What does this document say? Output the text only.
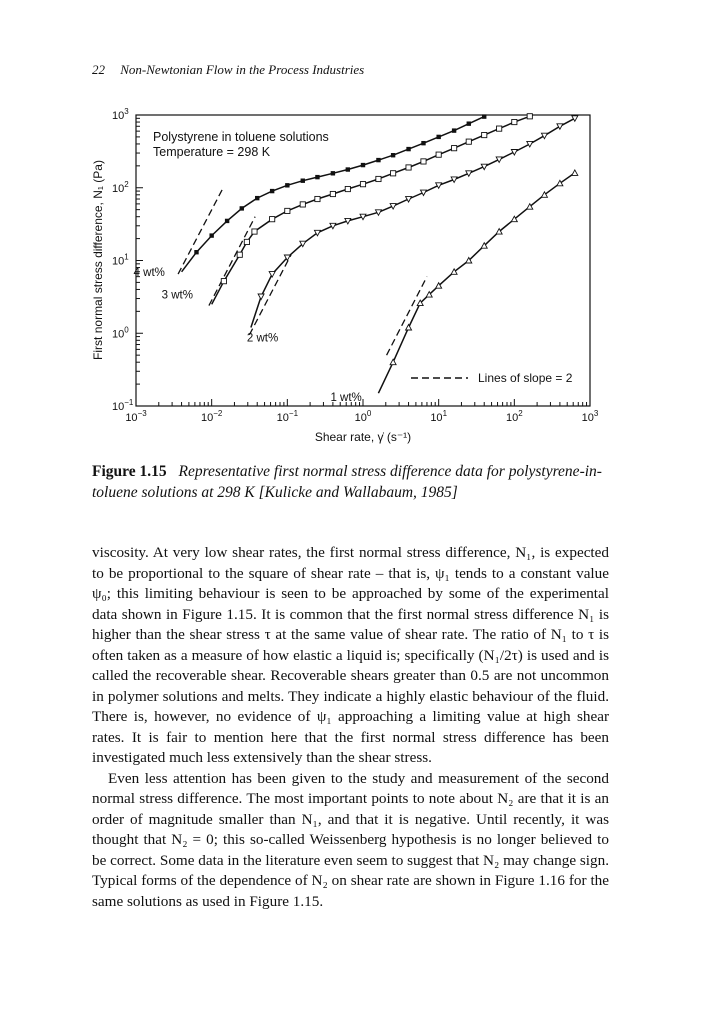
22 Non-Newtonian Flow in the Process Industries
$10^{-3}$	$10^{-2}$	$10^{-1}$	$10^0$	$10^1$	$10^2$	$10^3$
$10^{-1}$
$10^0$
$10^1$
$10^2$
$10^3$
4 wt%
3 wt%
2 wt%
1 wt%
Polystyrene in toluene solutions
Temperature = 298 K
Lines of slope = 2
Shear rate, γ̇ (s⁻¹)
First normal stress difference, N₁ (Pa)
Figure 1.15 Representative first normal stress difference data for polystyrene-in-toluene solutions at 298 K [Kulicke and Wallabaum, 1985]

viscosity. At very low shear rates, the first normal stress difference, N₁, is expected to be proportional to the square of shear rate – that is, ψ₁ tends to a constant value ψ₀; this limiting behaviour is seen to be approached by some of the experimental data shown in Figure 1.15. It is common that the first normal stress difference N₁ is higher than the shear stress τ at the same value of shear rate. The ratio of N₁ to τ is often taken as a measure of how elastic a liquid is; specifically (N₁/2τ) is used and is called the recoverable shear. Recoverable shears greater than 0.5 are not uncommon in polymer solutions and melts. They indicate a highly elastic behaviour of the fluid. There is, however, no evidence of ψ₁ approaching a limiting value at high shear rates. It is fair to mention here that the first normal stress difference has been investigated much less extensively than the shear stress.

Even less attention has been given to the study and measurement of the second normal stress difference. The most important points to note about N₂ are that it is an order of magnitude smaller than N₁, and that it is negative. Until recently, it was thought that N₂ = 0; this so-called Weissenberg hypothesis is no longer believed to be correct. Some data in the literature even seem to suggest that N₂ may change sign. Typical forms of the dependence of N₂ on shear rate are shown in Figure 1.16 for the same solutions as used in Figure 1.15.
